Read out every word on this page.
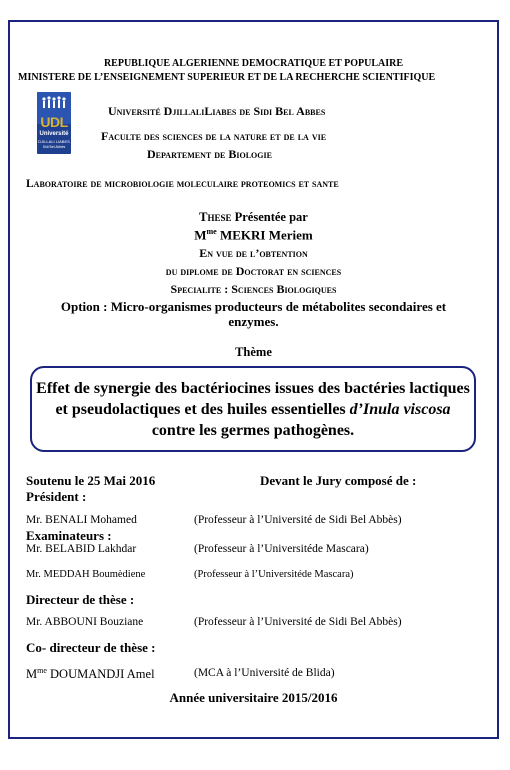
REPUBLIQUE ALGERIENNE DEMOCRATIQUE ET POPULAIRE
MINISTERE DE L’ENSEIGNEMENT SUPERIEUR ET DE LA RECHERCHE SCIENTIFIQUE
UDL
Université
DJILLALI LIABES
Sidi Bel Abbès
Université DjillaliLiabes de Sidi Bel Abbes
Faculte des sciences de la nature et de la vie
Departement de Biologie
Laboratoire de microbiologie moleculaire proteomics et sante
These Présentée par
$M^{me}$ MEKRI Meriem
En vue de l’obtention
du diplome de Doctorat en sciences
Specialite : Sciences Biologiques
Option : Micro-organismes producteurs de métabolites secondaires et
enzymes.
Thème
Effet de synergie des bactériocines issues des bactéries lactiques
et pseudolactiques et des huiles essentielles d’Inula viscosa
contre les germes pathogènes.
Soutenu le 25 Mai 2016	Devant le Jury composé de :
Président :
Mr. BENALI Mohamed	(Professeur à l’Université de Sidi Bel Abbès)
Examinateurs :
Mr. BELABID Lakhdar	(Professeur à l’Universitéde Mascara)
Mr. MEDDAH Boumèdiene	(Professeur à l’Universitéde Mascara)
Directeur de thèse :
Mr. ABBOUNI Bouziane	(Professeur à l’Université de Sidi Bel Abbès)
Co- directeur de thèse :
$M^{me}$ DOUMANDJI Amel	(MCA à l’Université de Blida)
Année universitaire 2015/2016
